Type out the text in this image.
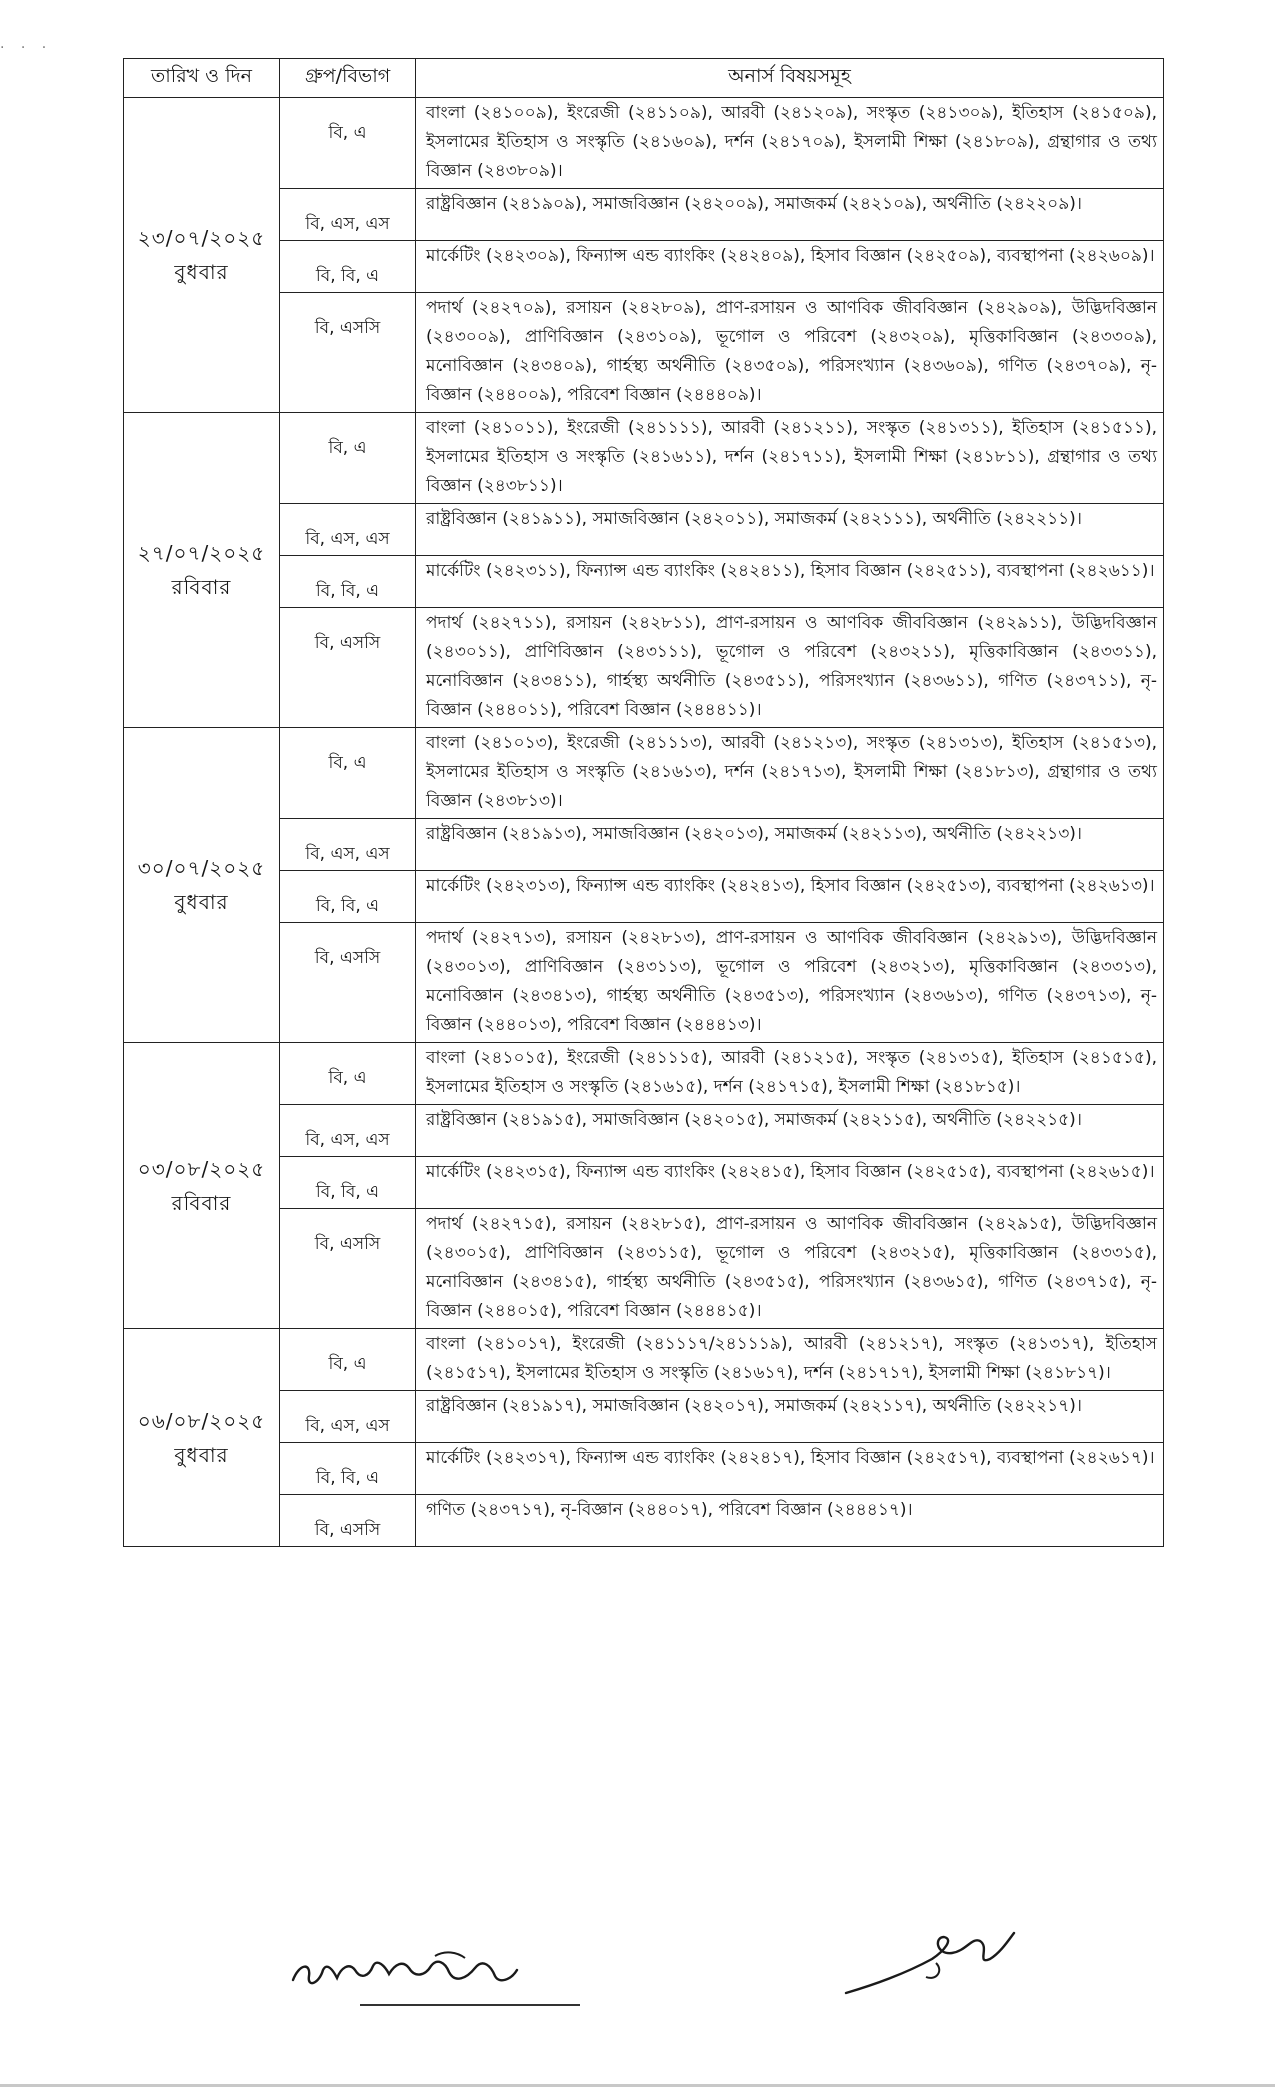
· · ·
তারিখ ও দিন	গ্রুপ/বিভাগ	অনার্স বিষয়সমূহ

২৩/০৭/২০২৫
বুধবার	বি, এ	বাংলা (২৪১০০৯), ইংরেজী (২৪১১০৯), আরবী (২৪১২০৯), সংস্কৃত (২৪১৩০৯), ইতিহাস (২৪১৫০৯), ইসলামের ইতিহাস ও সংস্কৃতি (২৪১৬০৯), দর্শন (২৪১৭০৯), ইসলামী শিক্ষা (২৪১৮০৯), গ্রন্থাগার ও তথ্য বিজ্ঞান (২৪৩৮০৯)।
	বি, এস, এস	রাষ্ট্রবিজ্ঞান (২৪১৯০৯), সমাজবিজ্ঞান (২৪২০০৯), সমাজকর্ম (২৪২১০৯), অর্থনীতি (২৪২২০৯)।
	বি, বি, এ	মার্কেটিং (২৪২৩০৯), ফিন্যান্স এন্ড ব্যাংকিং (২৪২৪০৯), হিসাব বিজ্ঞান (২৪২৫০৯), ব্যবস্থাপনা (২৪২৬০৯)।
	বি, এসসি	পদার্থ (২৪২৭০৯), রসায়ন (২৪২৮০৯), প্রাণ-রসায়ন ও আণবিক জীববিজ্ঞান (২৪২৯০৯), উদ্ভিদবিজ্ঞান (২৪৩০০৯), প্রাণিবিজ্ঞান (২৪৩১০৯), ভূগোল ও পরিবেশ (২৪৩২০৯), মৃত্তিকাবিজ্ঞান (২৪৩৩০৯), মনোবিজ্ঞান (২৪৩৪০৯), গার্হস্থ্য অর্থনীতি (২৪৩৫০৯), পরিসংখ্যান (২৪৩৬০৯), গণিত (২৪৩৭০৯), নৃ-বিজ্ঞান (২৪৪০০৯), পরিবেশ বিজ্ঞান (২৪৪৪০৯)।

২৭/০৭/২০২৫
রবিবার	বি, এ	বাংলা (২৪১০১১), ইংরেজী (২৪১১১১), আরবী (২৪১২১১), সংস্কৃত (২৪১৩১১), ইতিহাস (২৪১৫১১), ইসলামের ইতিহাস ও সংস্কৃতি (২৪১৬১১), দর্শন (২৪১৭১১), ইসলামী শিক্ষা (২৪১৮১১), গ্রন্থাগার ও তথ্য বিজ্ঞান (২৪৩৮১১)।
	বি, এস, এস	রাষ্ট্রবিজ্ঞান (২৪১৯১১), সমাজবিজ্ঞান (২৪২০১১), সমাজকর্ম (২৪২১১১), অর্থনীতি (২৪২২১১)।
	বি, বি, এ	মার্কেটিং (২৪২৩১১), ফিন্যান্স এন্ড ব্যাংকিং (২৪২৪১১), হিসাব বিজ্ঞান (২৪২৫১১), ব্যবস্থাপনা (২৪২৬১১)।
	বি, এসসি	পদার্থ (২৪২৭১১), রসায়ন (২৪২৮১১), প্রাণ-রসায়ন ও আণবিক জীববিজ্ঞান (২৪২৯১১), উদ্ভিদবিজ্ঞান (২৪৩০১১), প্রাণিবিজ্ঞান (২৪৩১১১), ভূগোল ও পরিবেশ (২৪৩২১১), মৃত্তিকাবিজ্ঞান (২৪৩৩১১), মনোবিজ্ঞান (২৪৩৪১১), গার্হস্থ্য অর্থনীতি (২৪৩৫১১), পরিসংখ্যান (২৪৩৬১১), গণিত (২৪৩৭১১), নৃ-বিজ্ঞান (২৪৪০১১), পরিবেশ বিজ্ঞান (২৪৪৪১১)।

৩০/০৭/২০২৫
বুধবার	বি, এ	বাংলা (২৪১০১৩), ইংরেজী (২৪১১১৩), আরবী (২৪১২১৩), সংস্কৃত (২৪১৩১৩), ইতিহাস (২৪১৫১৩), ইসলামের ইতিহাস ও সংস্কৃতি (২৪১৬১৩), দর্শন (২৪১৭১৩), ইসলামী শিক্ষা (২৪১৮১৩), গ্রন্থাগার ও তথ্য বিজ্ঞান (২৪৩৮১৩)।
	বি, এস, এস	রাষ্ট্রবিজ্ঞান (২৪১৯১৩), সমাজবিজ্ঞান (২৪২০১৩), সমাজকর্ম (২৪২১১৩), অর্থনীতি (২৪২২১৩)।
	বি, বি, এ	মার্কেটিং (২৪২৩১৩), ফিন্যান্স এন্ড ব্যাংকিং (২৪২৪১৩), হিসাব বিজ্ঞান (২৪২৫১৩), ব্যবস্থাপনা (২৪২৬১৩)।
	বি, এসসি	পদার্থ (২৪২৭১৩), রসায়ন (২৪২৮১৩), প্রাণ-রসায়ন ও আণবিক জীববিজ্ঞান (২৪২৯১৩), উদ্ভিদবিজ্ঞান (২৪৩০১৩), প্রাণিবিজ্ঞান (২৪৩১১৩), ভূগোল ও পরিবেশ (২৪৩২১৩), মৃত্তিকাবিজ্ঞান (২৪৩৩১৩), মনোবিজ্ঞান (২৪৩৪১৩), গার্হস্থ্য অর্থনীতি (২৪৩৫১৩), পরিসংখ্যান (২৪৩৬১৩), গণিত (২৪৩৭১৩), নৃ-বিজ্ঞান (২৪৪০১৩), পরিবেশ বিজ্ঞান (২৪৪৪১৩)।

০৩/০৮/২০২৫
রবিবার	বি, এ	বাংলা (২৪১০১৫), ইংরেজী (২৪১১১৫), আরবী (২৪১২১৫), সংস্কৃত (২৪১৩১৫), ইতিহাস (২৪১৫১৫), ইসলামের ইতিহাস ও সংস্কৃতি (২৪১৬১৫), দর্শন (২৪১৭১৫), ইসলামী শিক্ষা (২৪১৮১৫)।
	বি, এস, এস	রাষ্ট্রবিজ্ঞান (২৪১৯১৫), সমাজবিজ্ঞান (২৪২০১৫), সমাজকর্ম (২৪২১১৫), অর্থনীতি (২৪২২১৫)।
	বি, বি, এ	মার্কেটিং (২৪২৩১৫), ফিন্যান্স এন্ড ব্যাংকিং (২৪২৪১৫), হিসাব বিজ্ঞান (২৪২৫১৫), ব্যবস্থাপনা (২৪২৬১৫)।
	বি, এসসি	পদার্থ (২৪২৭১৫), রসায়ন (২৪২৮১৫), প্রাণ-রসায়ন ও আণবিক জীববিজ্ঞান (২৪২৯১৫), উদ্ভিদবিজ্ঞান (২৪৩০১৫), প্রাণিবিজ্ঞান (২৪৩১১৫), ভূগোল ও পরিবেশ (২৪৩২১৫), মৃত্তিকাবিজ্ঞান (২৪৩৩১৫), মনোবিজ্ঞান (২৪৩৪১৫), গার্হস্থ্য অর্থনীতি (২৪৩৫১৫), পরিসংখ্যান (২৪৩৬১৫), গণিত (২৪৩৭১৫), নৃ-বিজ্ঞান (২৪৪০১৫), পরিবেশ বিজ্ঞান (২৪৪৪১৫)।

০৬/০৮/২০২৫
বুধবার	বি, এ	বাংলা (২৪১০১৭), ইংরেজী (২৪১১১৭/২৪১১১৯), আরবী (২৪১২১৭), সংস্কৃত (২৪১৩১৭), ইতিহাস (২৪১৫১৭), ইসলামের ইতিহাস ও সংস্কৃতি (২৪১৬১৭), দর্শন (২৪১৭১৭), ইসলামী শিক্ষা (২৪১৮১৭)।
	বি, এস, এস	রাষ্ট্রবিজ্ঞান (২৪১৯১৭), সমাজবিজ্ঞান (২৪২০১৭), সমাজকর্ম (২৪২১১৭), অর্থনীতি (২৪২২১৭)।
	বি, বি, এ	মার্কেটিং (২৪২৩১৭), ফিন্যান্স এন্ড ব্যাংকিং (২৪২৪১৭), হিসাব বিজ্ঞান (২৪২৫১৭), ব্যবস্থাপনা (২৪২৬১৭)।
	বি, এসসি	গণিত (২৪৩৭১৭), নৃ-বিজ্ঞান (২৪৪০১৭), পরিবেশ বিজ্ঞান (২৪৪৪১৭)।
